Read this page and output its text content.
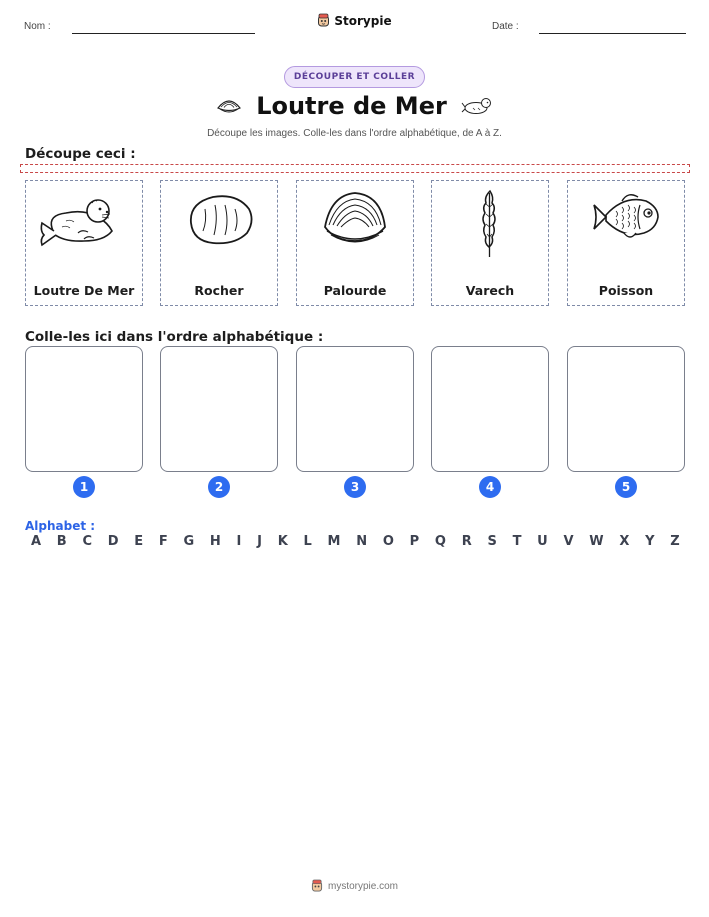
Nom :	Storypie	Date :
DÉCOUPER ET COLLER
Loutre de Mer
Découpe les images. Colle-les dans l'ordre alphabétique, de A à Z.
Découpe ceci :
Loutre De Mer	Rocher	Palourde	Varech	Poisson
Colle-les ici dans l'ordre alphabétique :
1	2	3	4	5
Alphabet :
A B C D E F G H I J K L M N O P Q R S T U V W X Y Z
mystorypie.com
